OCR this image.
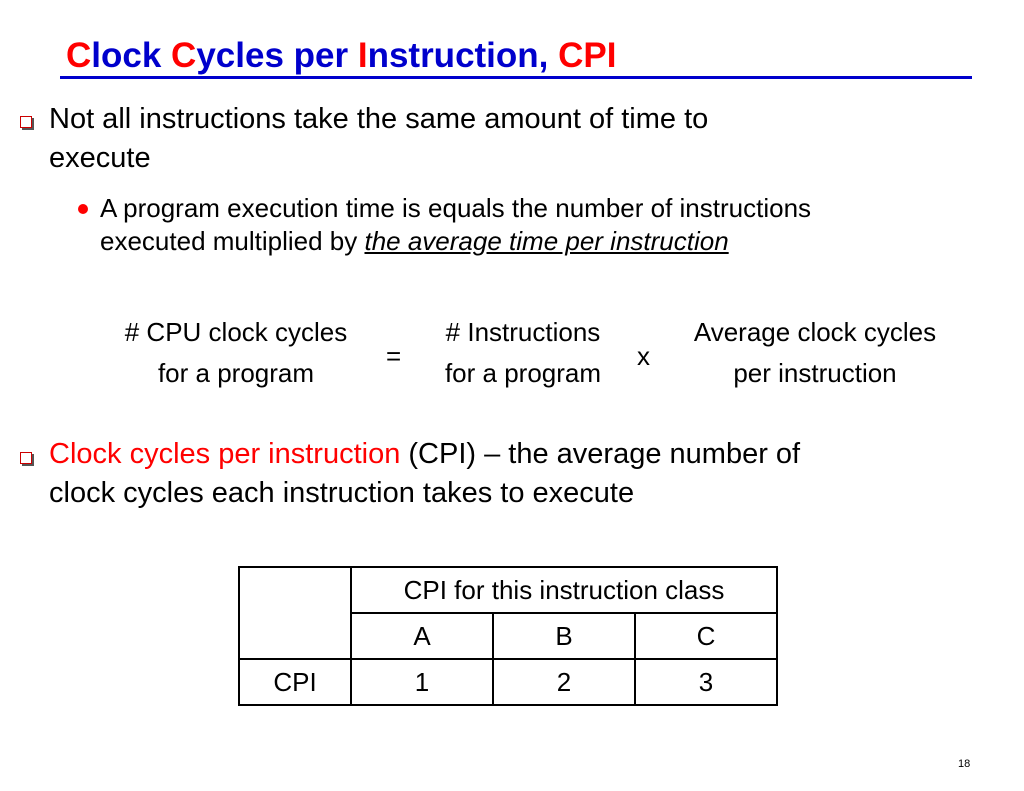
Clock Cycles per Instruction, CPI
Not all instructions take the same amount of time to
execute
A program execution time is equals the number of instructions
executed multiplied by the average time per instruction
# CPU clock cycles
for a program
=
# Instructions
for a program
x
Average clock cycles
per instruction
Clock cycles per instruction (CPI) – the average number of
clock cycles each instruction takes to execute
	CPI for this instruction class		
	A	B	C
CPI	1	2	3
18
